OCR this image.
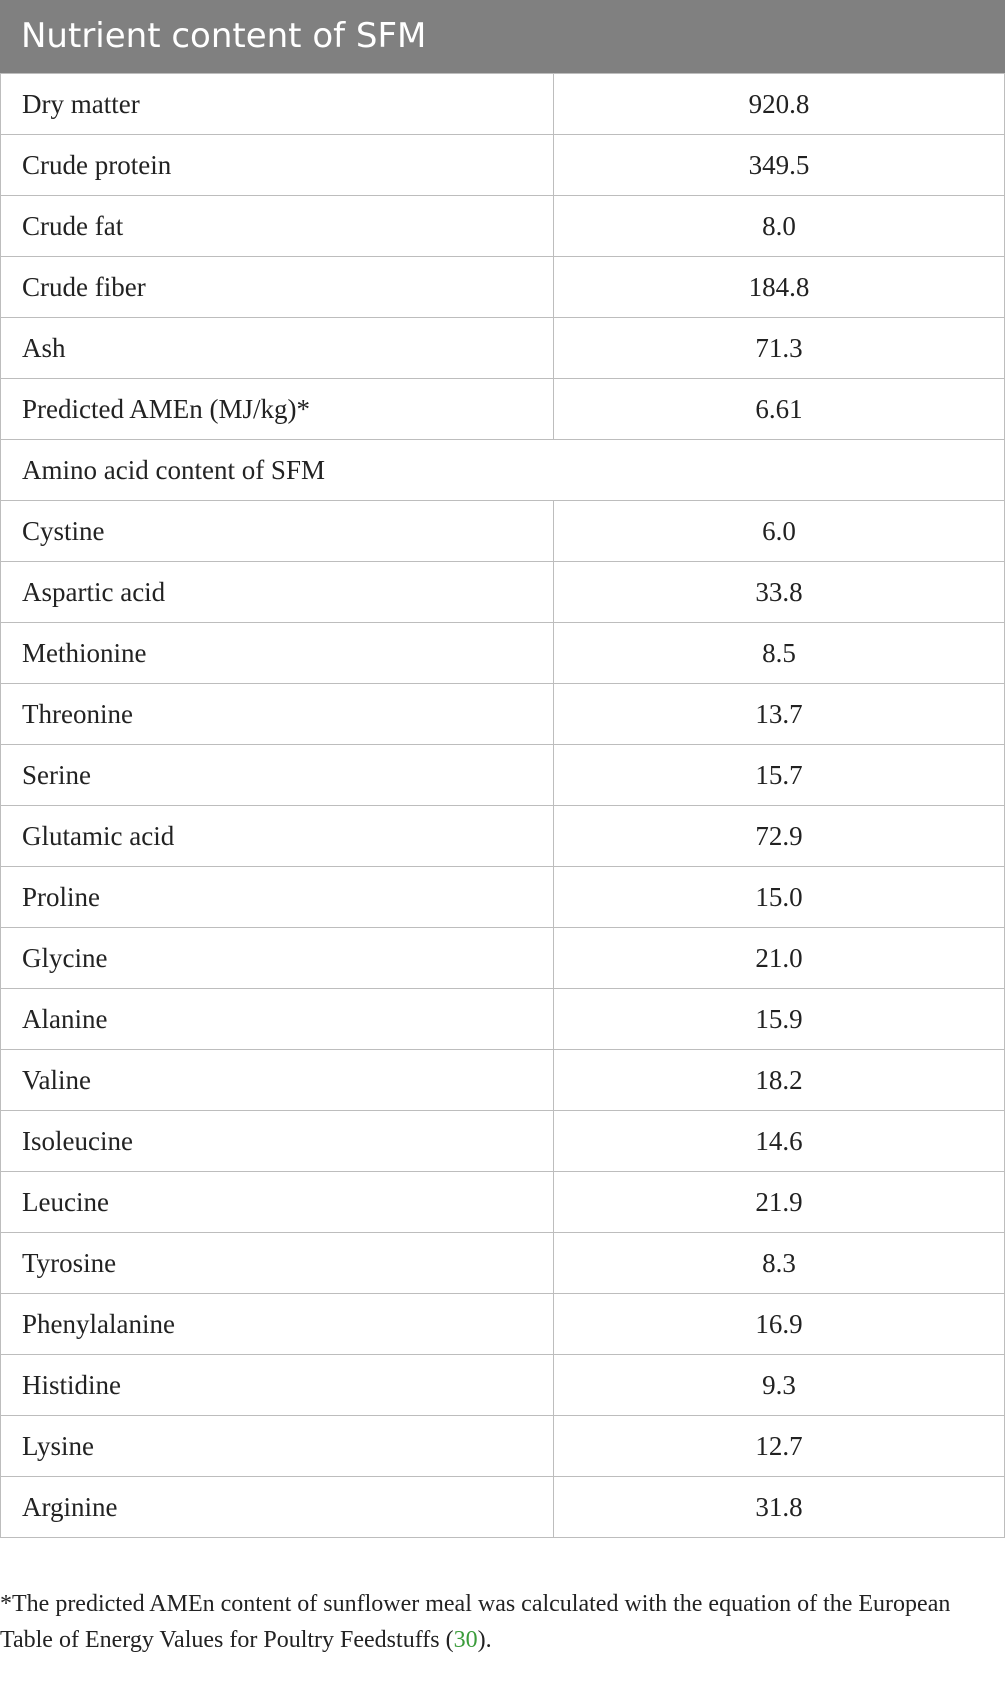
Nutrient content of SFM
Dry matter	920.8
Crude protein	349.5
Crude fat	8.0
Crude fiber	184.8
Ash	71.3
Predicted AMEn (MJ/kg)*	6.61
Amino acid content of SFM	
Cystine	6.0
Aspartic acid	33.8
Methionine	8.5
Threonine	13.7
Serine	15.7
Glutamic acid	72.9
Proline	15.0
Glycine	21.0
Alanine	15.9
Valine	18.2
Isoleucine	14.6
Leucine	21.9
Tyrosine	8.3
Phenylalanine	16.9
Histidine	9.3
Lysine	12.7
Arginine	31.8
*The predicted AMEn content of sunflower meal was calculated with the equation of the European Table of Energy Values for Poultry Feedstuffs (30).
